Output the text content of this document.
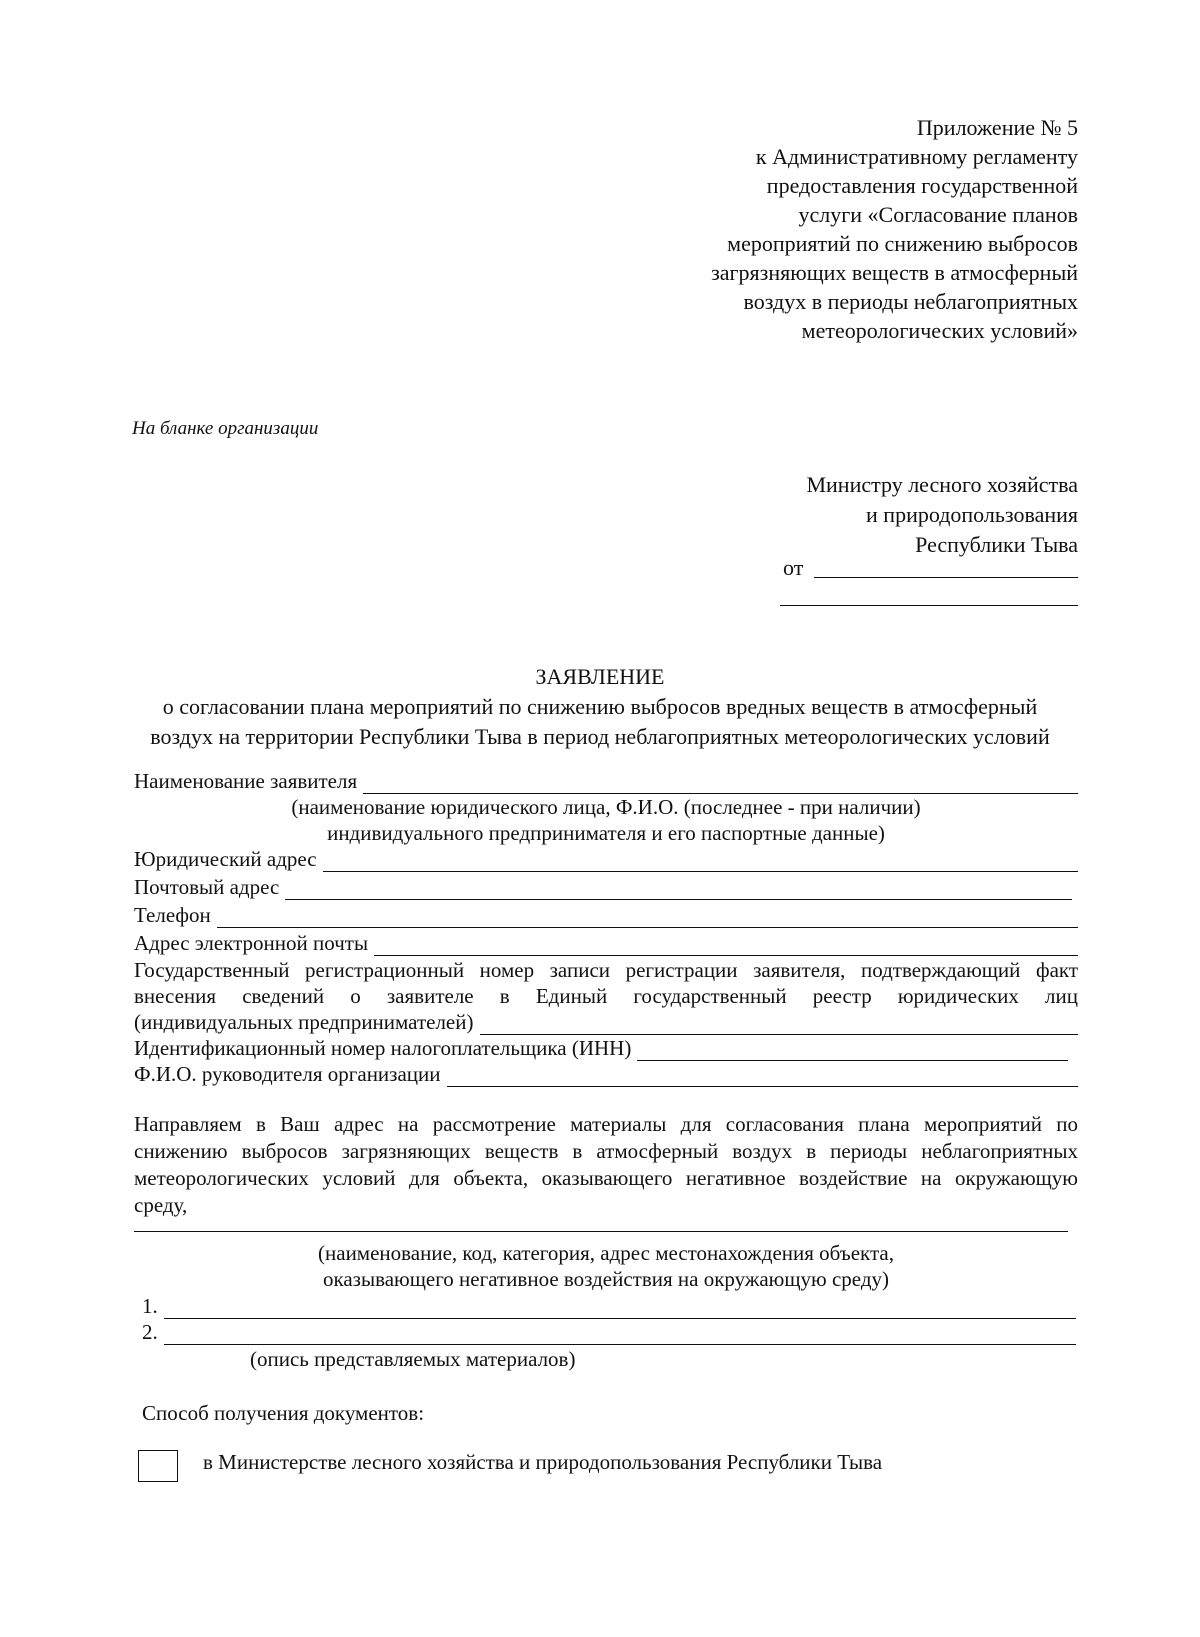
Приложение № 5
к Административному регламенту
предоставления государственной
услуги «Согласование планов
мероприятий по снижению выбросов
загрязняющих веществ в атмосферный
воздух в периоды неблагоприятных
метеорологических условий»
На бланке организации
Министру лесного хозяйства
и природопользования
Республики Тыва
от
ЗАЯВЛЕНИЕ
о согласовании плана мероприятий по снижению выбросов вредных веществ в атмосферный
воздух на территории Республики Тыва в период неблагоприятных метеорологических условий
Наименование заявителя
(наименование юридического лица, Ф.И.О. (последнее - при наличии)
индивидуального предпринимателя и его паспортные данные)
Юридический адрес
Почтовый адрес
Телефон
Адрес электронной почты
Государственный регистрационный номер записи регистрации заявителя, подтверждающий факт
внесения сведений о заявителе в Единый государственный реестр юридических лиц
(индивидуальных предпринимателей)
Идентификационный номер налогоплательщика (ИНН)
Ф.И.О. руководителя организации
Направляем в Ваш адрес на рассмотрение материалы для согласования плана мероприятий по
снижению выбросов загрязняющих веществ в атмосферный воздух в периоды неблагоприятных
метеорологических условий для объекта, оказывающего негативное воздействие на окружающую
среду,
(наименование, код, категория, адрес местонахождения объекта,
оказывающего негативное воздействия на окружающую среду)
1.
2.
(опись представляемых материалов)
Способ получения документов:
в Министерстве лесного хозяйства и природопользования Республики Тыва
